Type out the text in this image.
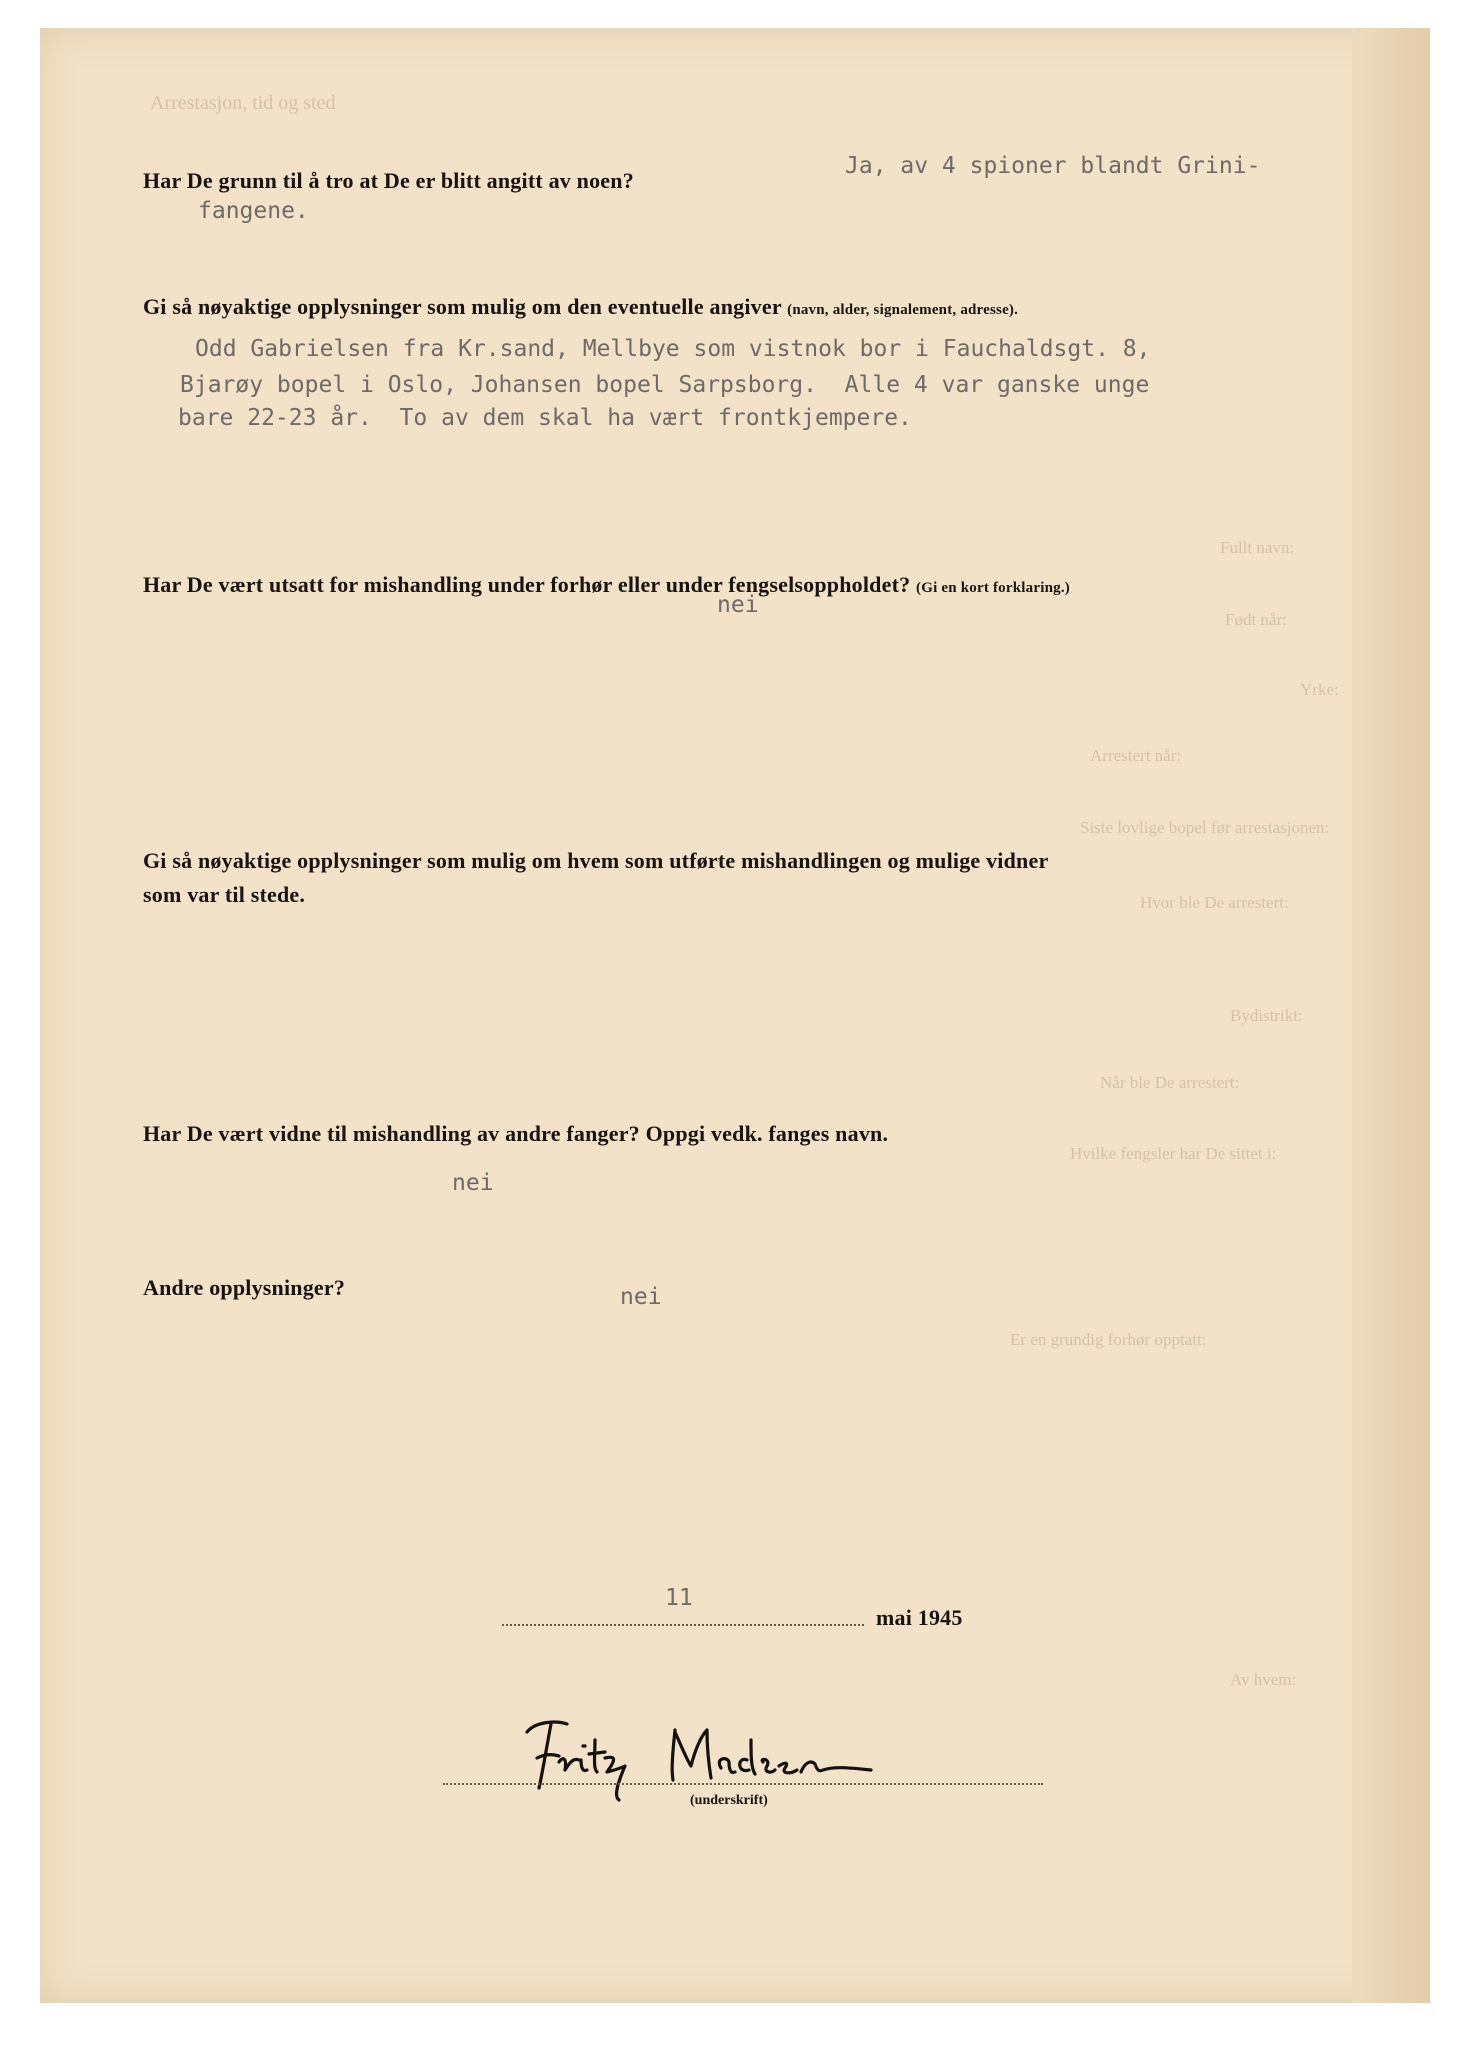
Arrestasjon, tid og sted
Fullt navn:
Født når:
Yrke:
Arrestert når:
Siste lovlige bopel før arrestasjonen:
Hvor ble De arrestert:
Bydistrikt:
Når ble De arrestert:
Hvilke fengsler har De sittet i:
Er en grundig forhør opptatt:
Av hvem:
Har De grunn til å tro at De er blitt angitt av noen?
Ja, av 4 spioner blandt Grini-
fangene.
Gi så nøyaktige opplysninger som mulig om den eventuelle angiver (navn, alder, signalement, adresse).
Odd Gabrielsen fra Kr.sand, Mellbye som vistnok bor i Fauchaldsgt. 8,
Bjarøy bopel i Oslo, Johansen bopel Sarpsborg.  Alle 4 var ganske unge
bare 22-23 år.  To av dem skal ha vært frontkjempere.
Har De vært utsatt for mishandling under forhør eller under fengselsoppholdet? (Gi en kort forklaring.)
nei
Gi så nøyaktige opplysninger som mulig om hvem som utførte mishandlingen og mulige vidner
som var til stede.
Har De vært vidne til mishandling av andre fanger? Oppgi vedk. fanges navn.
nei
Andre opplysninger?	nei
11
mai 1945
(underskrift)
